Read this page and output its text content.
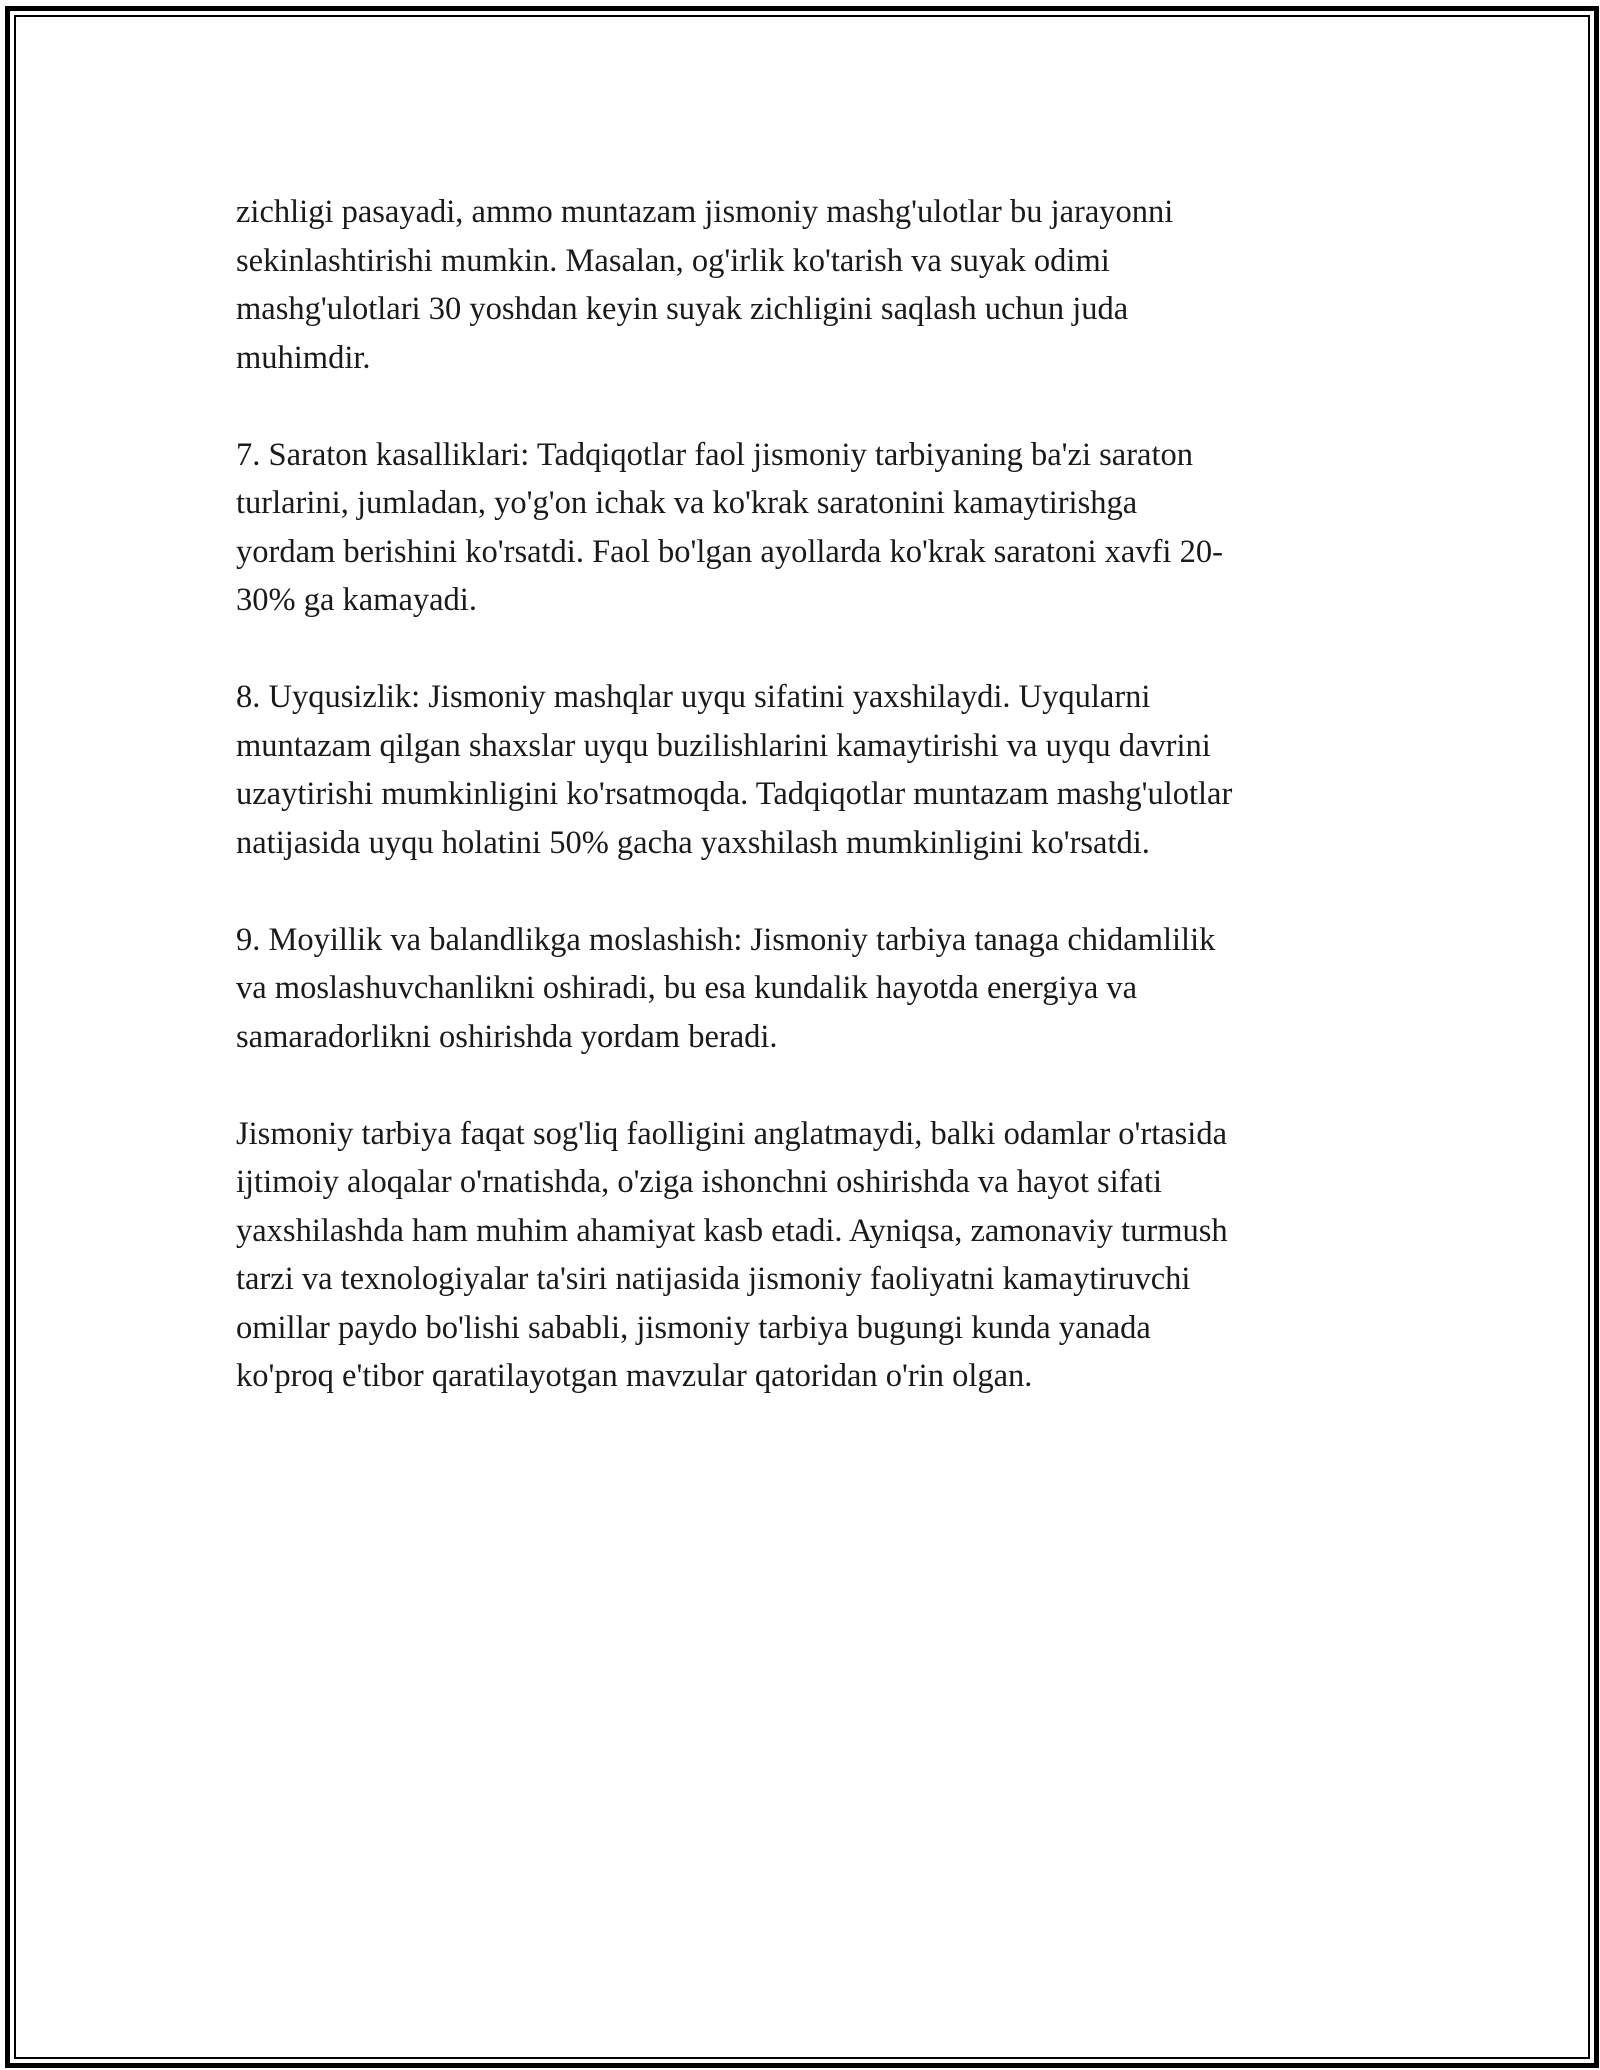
zichligi pasayadi, ammo muntazam jismoniy mashg'ulotlar bu jarayonni
sekinlashtirishi mumkin. Masalan, og'irlik ko'tarish va suyak odimi
mashg'ulotlari 30 yoshdan keyin suyak zichligini saqlash uchun juda
muhimdir.

7. Saraton kasalliklari: Tadqiqotlar faol jismoniy tarbiyaning ba'zi saraton
turlarini, jumladan, yo'g'on ichak va ko'krak saratonini kamaytirishga
yordam berishini ko'rsatdi. Faol bo'lgan ayollarda ko'krak saratoni xavfi 20-
30% ga kamayadi.

8. Uyqusizlik: Jismoniy mashqlar uyqu sifatini yaxshilaydi. Uyqularni
muntazam qilgan shaxslar uyqu buzilishlarini kamaytirishi va uyqu davrini
uzaytirishi mumkinligini ko'rsatmoqda. Tadqiqotlar muntazam mashg'ulotlar
natijasida uyqu holatini 50% gacha yaxshilash mumkinligini ko'rsatdi.

9. Moyillik va balandlikga moslashish: Jismoniy tarbiya tanaga chidamlilik
va moslashuvchanlikni oshiradi, bu esa kundalik hayotda energiya va
samaradorlikni oshirishda yordam beradi.

Jismoniy tarbiya faqat sog'liq faolligini anglatmaydi, balki odamlar o'rtasida
ijtimoiy aloqalar o'rnatishda, o'ziga ishonchni oshirishda va hayot sifati
yaxshilashda ham muhim ahamiyat kasb etadi. Ayniqsa, zamonaviy turmush
tarzi va texnologiyalar ta'siri natijasida jismoniy faoliyatni kamaytiruvchi
omillar paydo bo'lishi sababli, jismoniy tarbiya bugungi kunda yanada
ko'proq e'tibor qaratilayotgan mavzular qatoridan o'rin olgan.
